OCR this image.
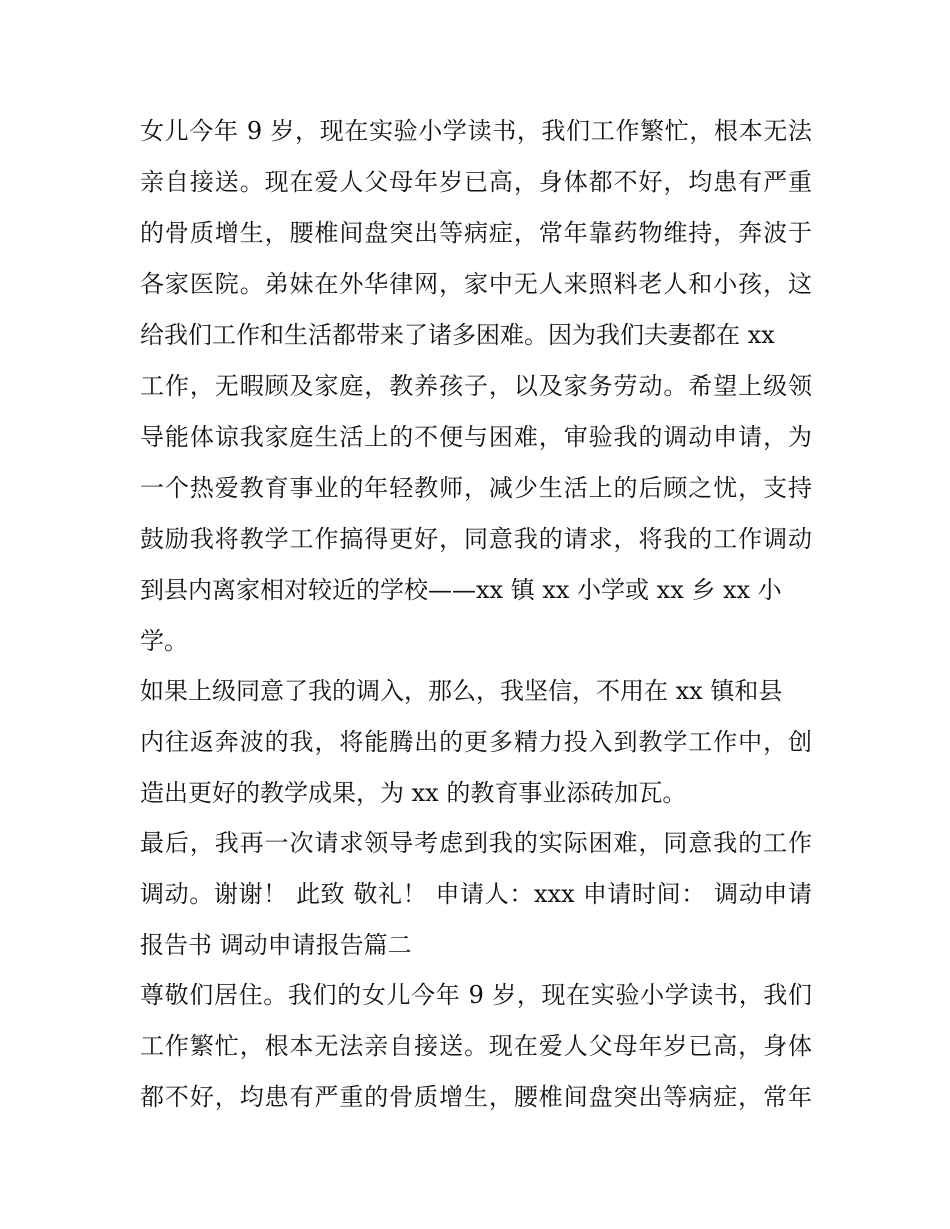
女儿今年 9 岁，现在实验小学读书，我们工作繁忙，根本无法
亲自接送。现在爱人父母年岁已高，身体都不好，均患有严重
的骨质增生，腰椎间盘突出等病症，常年靠药物维持，奔波于
各家医院。弟妹在外华律网，家中无人来照料老人和小孩，这
给我们工作和生活都带来了诸多困难。因为我们夫妻都在 xx
工作，无暇顾及家庭，教养孩子，以及家务劳动。希望上级领
导能体谅我家庭生活上的不便与困难，审验我的调动申请，为
一个热爱教育事业的年轻教师，减少生活上的后顾之忧，支持
鼓励我将教学工作搞得更好，同意我的请求，将我的工作调动
到县内离家相对较近的学校——xx 镇 xx 小学或 xx 乡 xx 小
学。
如果上级同意了我的调入，那么，我坚信，不用在 xx 镇和县
内往返奔波的我，将能腾出的更多精力投入到教学工作中，创
造出更好的教学成果，为 xx 的教育事业添砖加瓦。
最后，我再一次请求领导考虑到我的实际困难，同意我的工作
调动。谢谢！ 此致 敬礼！ 申请人：xxx 申请时间： 调动申请
报告书 调动申请报告篇二
尊敬们居住。我们的女儿今年 9 岁，现在实验小学读书，我们
工作繁忙，根本无法亲自接送。现在爱人父母年岁已高，身体
都不好，均患有严重的骨质增生，腰椎间盘突出等病症，常年
